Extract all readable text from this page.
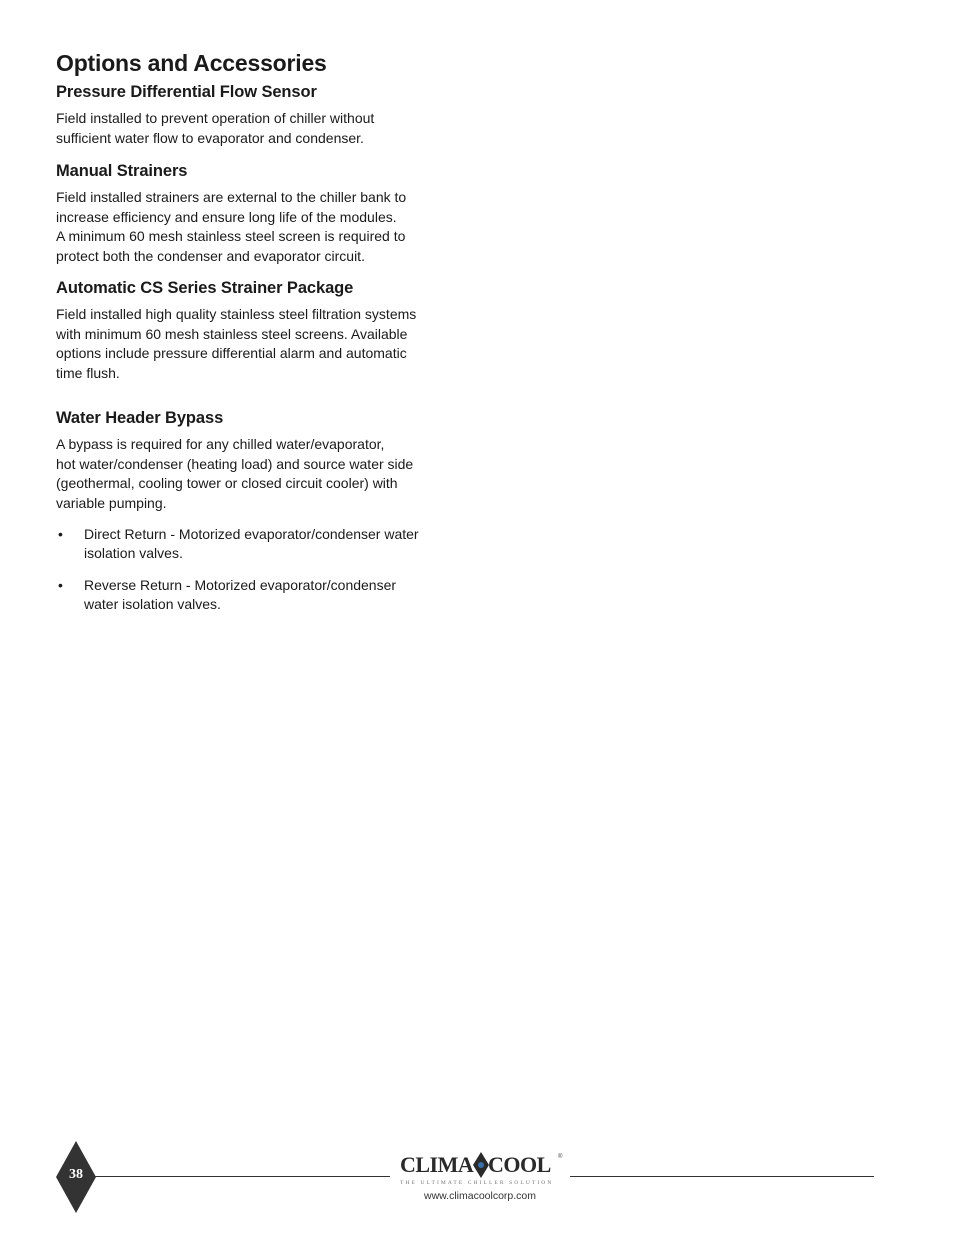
Options and Accessories
Pressure Differential Flow Sensor

Field installed to prevent operation of chiller without
sufficient water flow to evaporator and condenser.

Manual Strainers

Field installed strainers are external to the chiller bank to
increase efficiency and ensure long life of the modules.
A minimum 60 mesh stainless steel screen is required to
protect both the condenser and evaporator circuit.

Automatic CS Series Strainer Package

Field installed high quality stainless steel filtration systems
with minimum 60 mesh stainless steel screens. Available
options include pressure differential alarm and automatic
time flush.

Water Header Bypass

A bypass is required for any chilled water/evaporator,
hot water/condenser (heating load) and source water side
(geothermal, cooling tower or closed circuit cooler) with
variable pumping.

• Direct Return - Motorized evaporator/condenser water
isolation valves.
• Reverse Return - Motorized evaporator/condenser
water isolation valves.
38	CLIMA COOL ®
THE ULTIMATE CHILLER SOLUTION
www.climacoolcorp.com
